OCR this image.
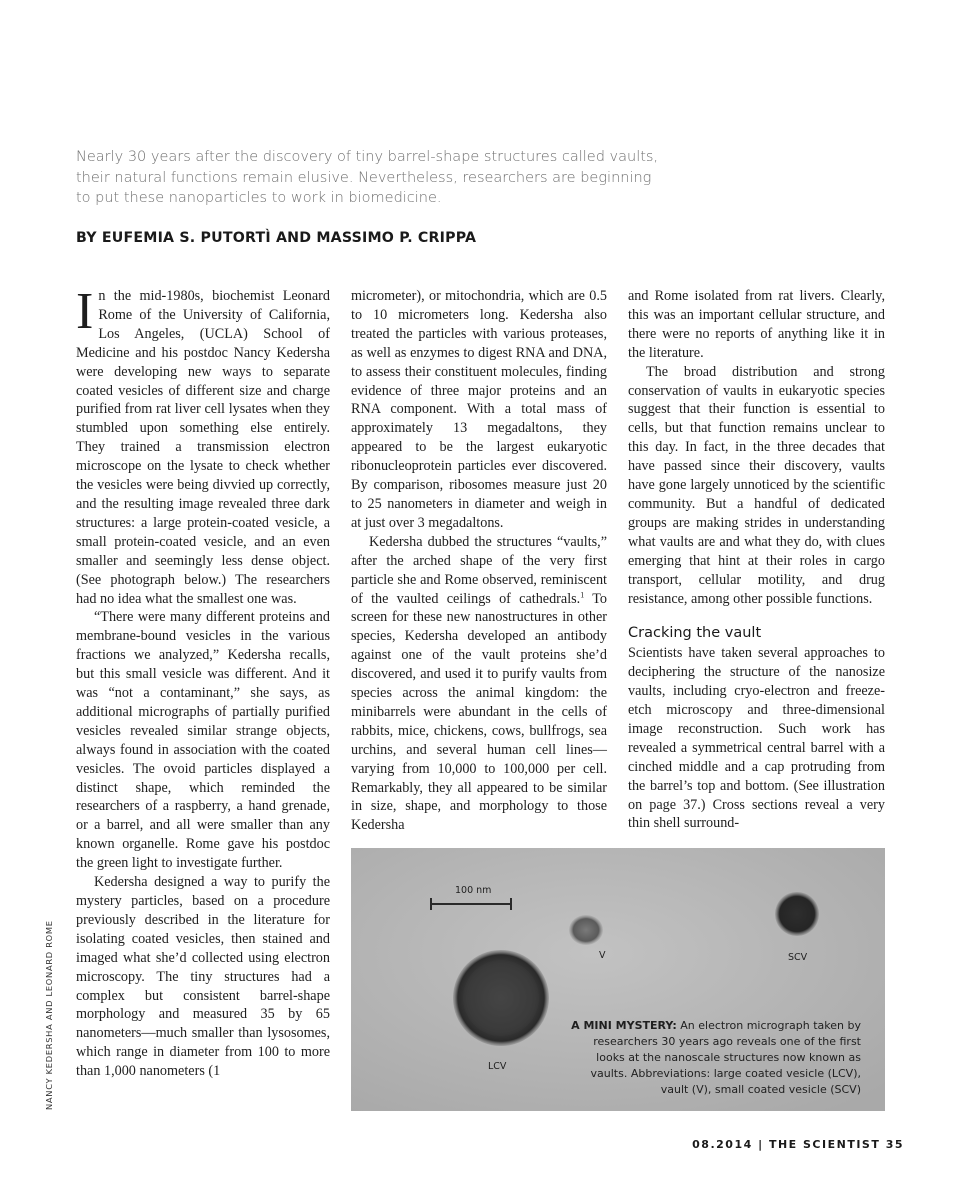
Nearly 30 years after the discovery of tiny barrel-shape structures called vaults,

their natural functions remain elusive. Nevertheless, researchers are beginning

to put these nanoparticles to work in biomedicine.

BY EUFEMIA S. PUTORTÌ AND MASSIMO P. CRIPPA

In the mid-1980s, biochemist Leonard Rome of the University of California, Los Angeles, (UCLA) School of Medicine and his postdoc Nancy Kedersha were developing new ways to separate coated vesicles of different size and charge purified from rat liver cell lysates when they stumbled upon something else entirely. They trained a transmission electron microscope on the lysate to check whether the vesicles were being divvied up correctly, and the resulting image revealed three dark structures: a large protein-coated vesicle, a small protein-coated vesicle, and an even smaller and seemingly less dense object. (See photograph below.) The researchers had no idea what the smallest one was.

“There were many different proteins and membrane-bound vesicles in the various fractions we analyzed,” Kedersha recalls, but this small vesicle was different. And it was “not a contaminant,” she says, as additional micrographs of partially purified vesicles revealed similar strange objects, always found in association with the coated vesicles. The ovoid particles displayed a distinct shape, which reminded the researchers of a raspberry, a hand grenade, or a barrel, and all were smaller than any known organelle. Rome gave his postdoc the green light to investigate further.

Kedersha designed a way to purify the mystery particles, based on a procedure previously described in the literature for isolating coated vesicles, then stained and imaged what she’d collected using electron microscopy. The tiny structures had a complex but consistent barrel-shape morphology and measured 35 by 65 nanometers—much smaller than lysosomes, which range in diameter from 100 to more than 1,000 nanometers (1

micrometer), or mitochondria, which are 0.5 to 10 micrometers long. Kedersha also treated the particles with various proteases, as well as enzymes to digest RNA and DNA, to assess their constituent molecules, finding evidence of three major proteins and an RNA component. With a total mass of approximately 13 megadaltons, they appeared to be the largest eukaryotic ribonucleoprotein particles ever discovered. By comparison, ribosomes measure just 20 to 25 nanometers in diameter and weigh in at just over 3 megadaltons.

Kedersha dubbed the structures “vaults,” after the arched shape of the very first particle she and Rome observed, reminiscent of the vaulted ceilings of cathedrals.$^1$ To screen for these new nanostructures in other species, Kedersha developed an antibody against one of the vault proteins she’d discovered, and used it to purify vaults from species across the animal kingdom: the minibarrels were abundant in the cells of rabbits, mice, chickens, cows, bullfrogs, sea urchins, and several human cell lines—varying from 10,000 to 100,000 per cell. Remarkably, they all appeared to be similar in size, shape, and morphology to those Kedersha

and Rome isolated from rat livers. Clearly, this was an important cellular structure, and there were no reports of anything like it in the literature.

The broad distribution and strong conservation of vaults in eukaryotic species suggest that their function is essential to cells, but that function remains unclear to this day. In fact, in the three decades that have passed since their discovery, vaults have gone largely unnoticed by the scientific community. But a handful of dedicated groups are making strides in understanding what vaults are and what they do, with clues emerging that hint at their roles in cargo transport, cellular motility, and drug resistance, among other possible functions.

Cracking the vault

Scientists have taken several approaches to deciphering the structure of the nanosize vaults, including cryo-electron and freeze-etch microscopy and three-dimensional image reconstruction. Such work has revealed a symmetrical central barrel with a cinched middle and a cap protruding from the barrel’s top and bottom. (See illustration on page 37.) Cross sections reveal a very thin shell surround-

NANCY KEDERSHA AND LEONARD ROME
100 nm
V	SCV
LCV
A MINI MYSTERY: An electron micrograph taken by researchers 30 years ago reveals one of the first looks at the nanoscale structures now known as vaults. Abbreviations: large coated vesicle (LCV), vault (V), small coated vesicle (SCV)
08.2014 | THE SCIENTIST 35
